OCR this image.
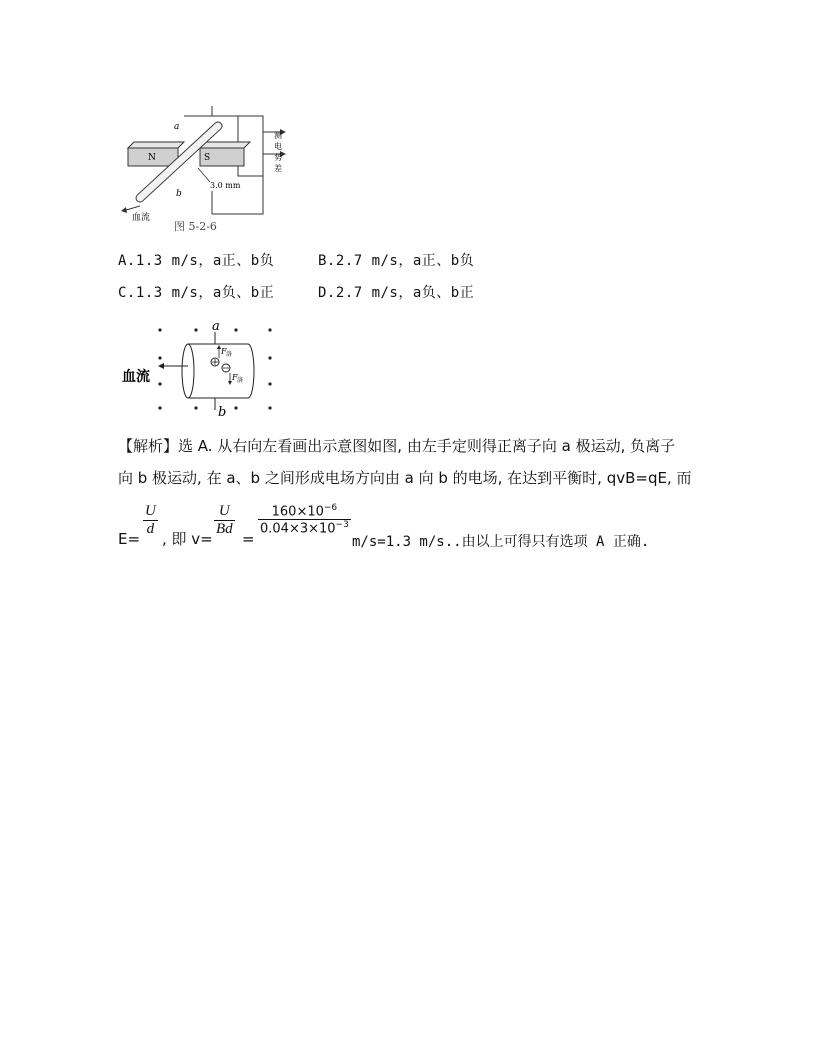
a
b
N	S
3.0 mm
血流
测
电
势
差
图 5-2-6
A.1.3 m/s，a正、b负	B.2.7 m/s，a正、b负
C.1.3 m/s，a负、b正	D.2.7 m/s，a负、b正
a
b
血流
F 洛
F 洛
【解析】选 A. 从右向左看画出示意图如图, 由左手定则得正离子向 a 极运动, 负离子
向 b 极运动, 在 a、b 之间形成电场方向由 a 向 b 的电场, 在达到平衡时, qvB=qE, 而
E=
$\frac{U}{d}$
, 即 v=
$\frac{U}{Bd}$
=
$\frac{160\times 10^{-6}}{0.04\times 3\times 10^{-3}}$
m/s=1.3 m/s..由以上可得只有选项 A 正确.
